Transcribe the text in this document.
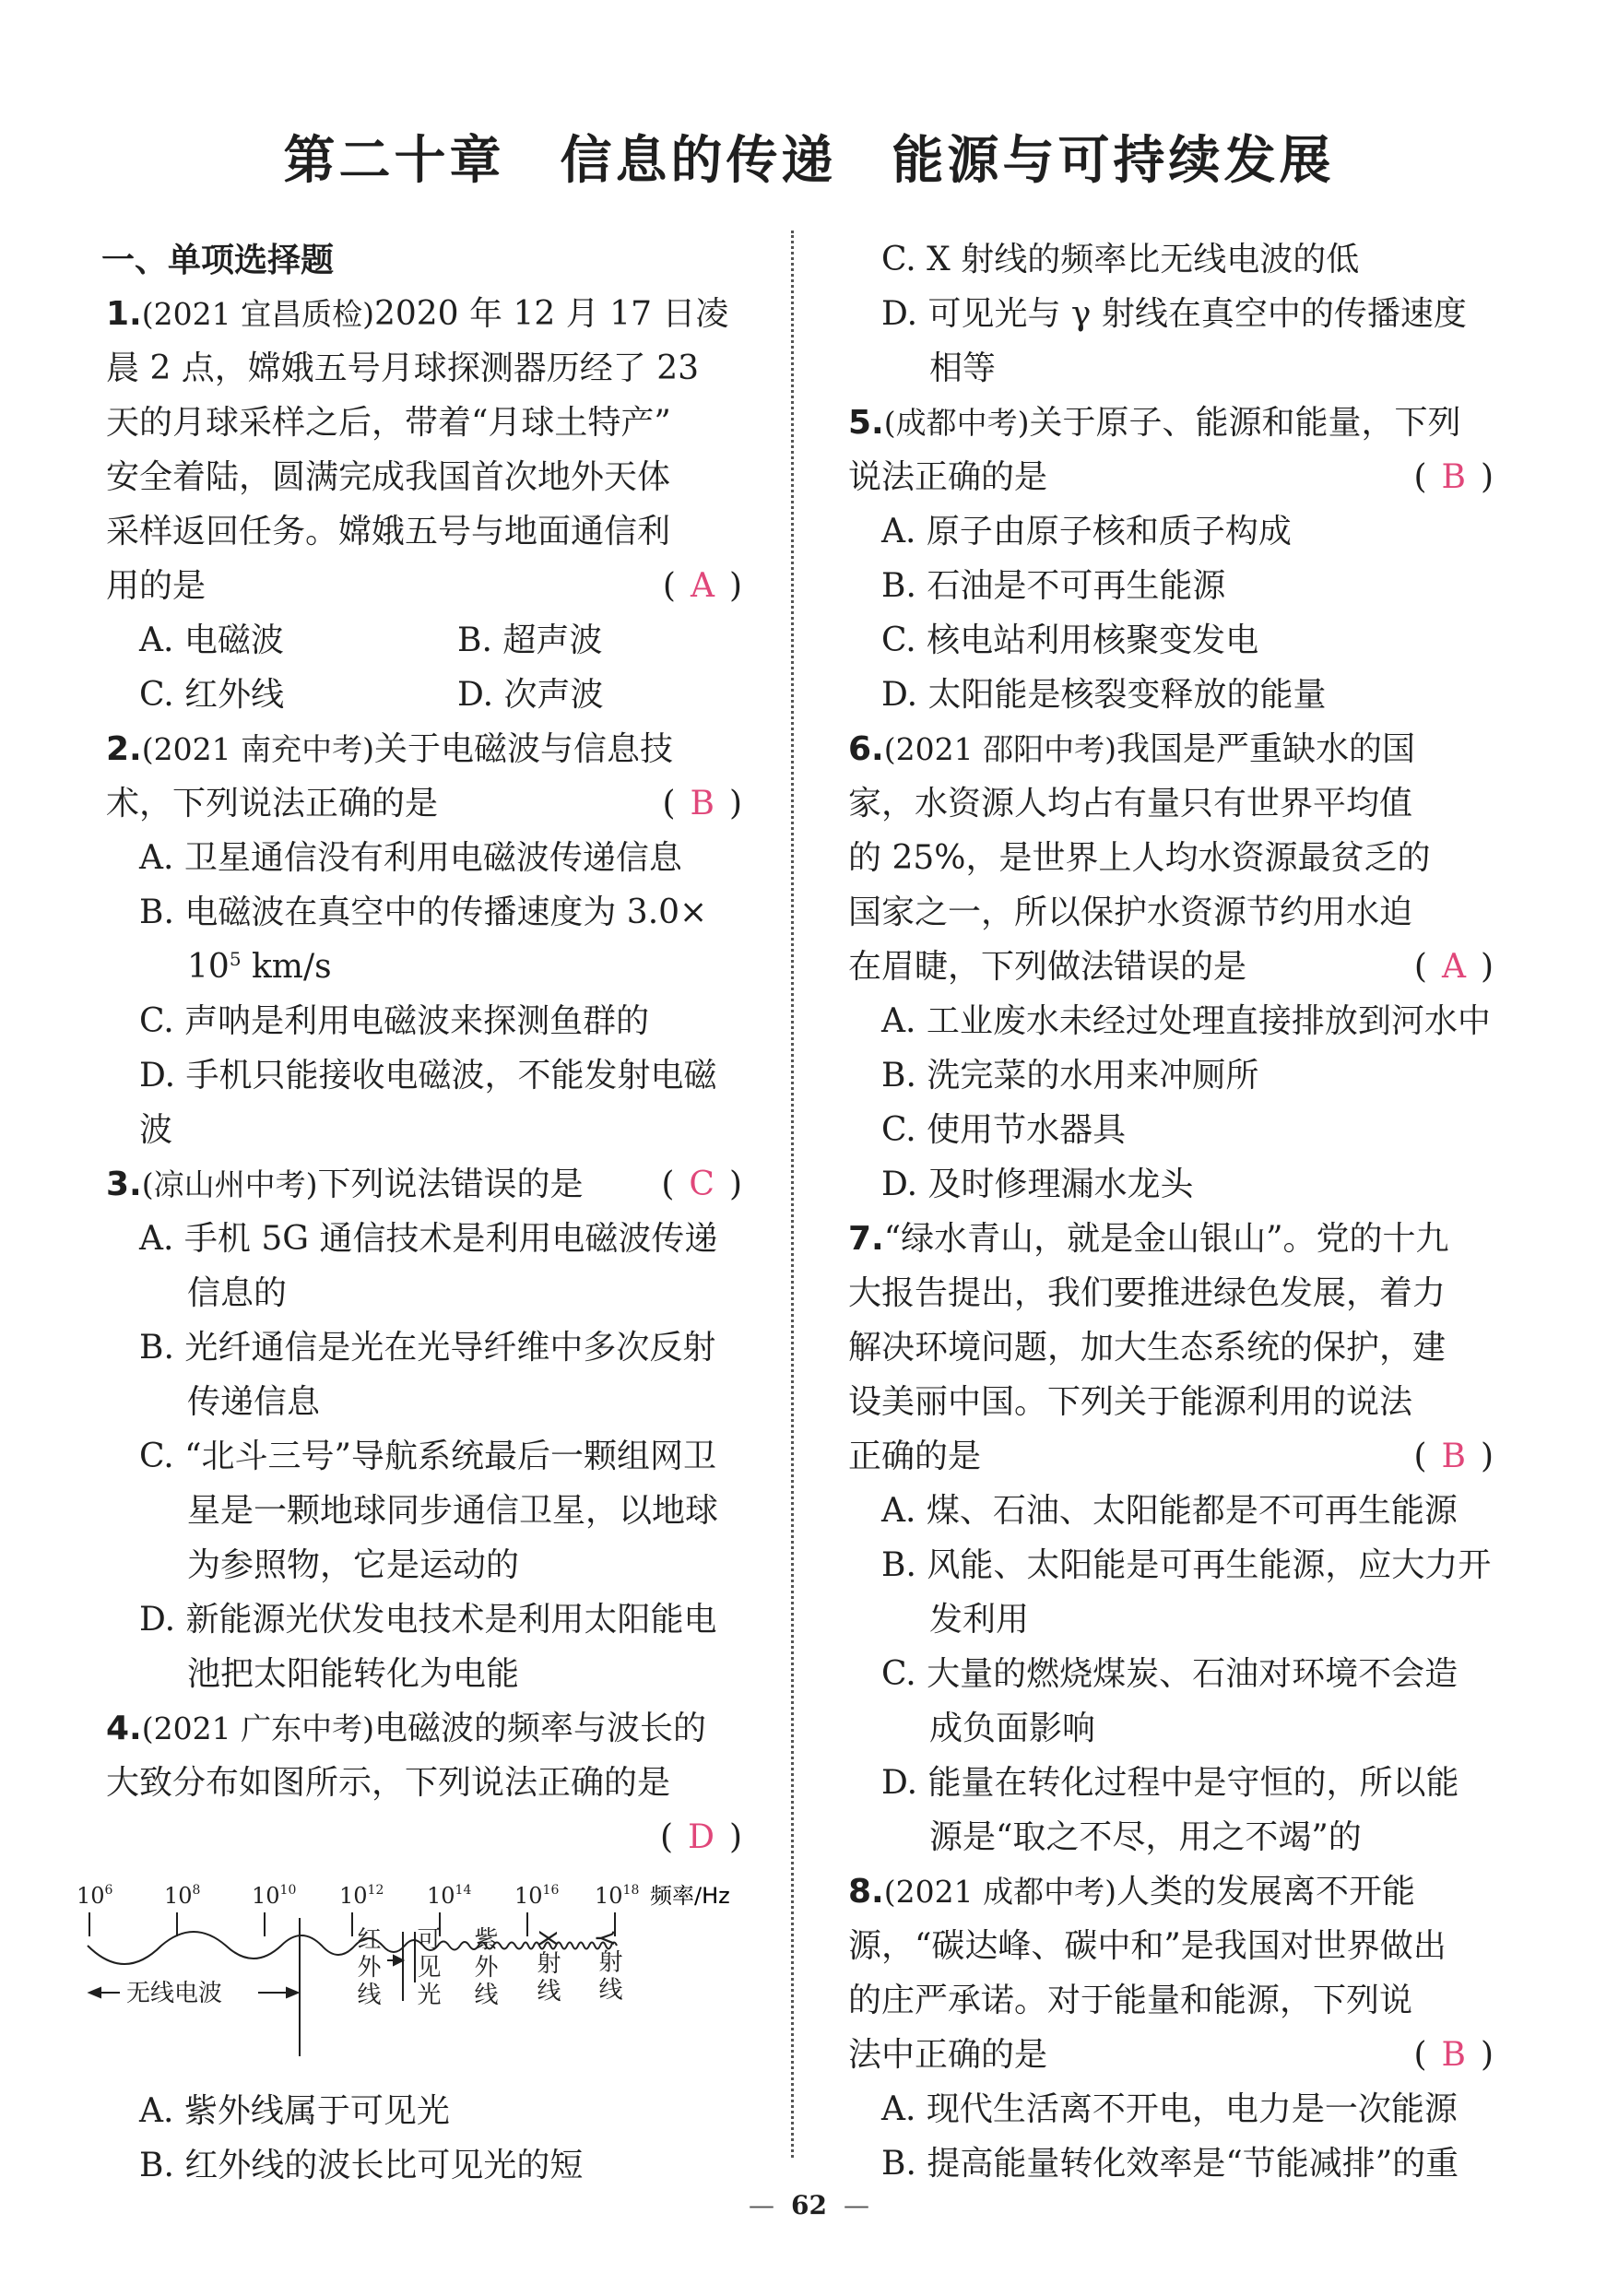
第二十章　信息的传递　能源与可持续发展
一、单项选择题
1.(2021 宜昌质检)2020 年 12 月 17 日凌
晨 2 点，嫦娥五号月球探测器历经了 23
天的月球采样之后，带着“月球土特产”
安全着陆，圆满完成我国首次地外天体
采样返回任务。嫦娥五号与地面通信利
用的是	( A )
A. 电磁波	B. 超声波
C. 红外线	D. 次声波
2.(2021 南充中考)关于电磁波与信息技
术，下列说法正确的是	( B )
A. 卫星通信没有利用电磁波传递信息
B. 电磁波在真空中的传播速度为 3.0×
$10^5$ km/s
C. 声呐是利用电磁波来探测鱼群的
D. 手机只能接收电磁波，不能发射电磁波
3.(凉山州中考)下列说法错误的是	( C )
A. 手机 5G 通信技术是利用电磁波传递
信息的
B. 光纤通信是光在光导纤维中多次反射
传递信息
C. “北斗三号”导航系统最后一颗组网卫
星是一颗地球同步通信卫星，以地球
为参照物，它是运动的
D. 新能源光伏发电技术是利用太阳能电
池把太阳能转化为电能
4.(2021 广东中考)电磁波的频率与波长的
大致分布如图所示，下列说法正确的是
( D )
$10^6$ $10^8$ $10^{10}$ $10^{12}$ $10^{14}$ $10^{16}$ $10^{18}$ 频率/Hz
无线电波	红外线 可见光 紫外线 X射线 γ射线
A. 紫外线属于可见光
B. 红外线的波长比可见光的短
C. X 射线的频率比无线电波的低
D. 可见光与 γ 射线在真空中的传播速度
相等
5.(成都中考)关于原子、能源和能量，下列
说法正确的是	( B )
A. 原子由原子核和质子构成
B. 石油是不可再生能源
C. 核电站利用核聚变发电
D. 太阳能是核裂变释放的能量
6.(2021 邵阳中考)我国是严重缺水的国
家，水资源人均占有量只有世界平均值
的 25%，是世界上人均水资源最贫乏的
国家之一，所以保护水资源节约用水迫
在眉睫，下列做法错误的是	( A )
A. 工业废水未经过处理直接排放到河水中
B. 洗完菜的水用来冲厕所
C. 使用节水器具
D. 及时修理漏水龙头
7.“绿水青山，就是金山银山”。党的十九
大报告提出，我们要推进绿色发展，着力
解决环境问题，加大生态系统的保护，建
设美丽中国。下列关于能源利用的说法
正确的是	( B )
A. 煤、石油、太阳能都是不可再生能源
B. 风能、太阳能是可再生能源，应大力开
发利用
C. 大量的燃烧煤炭、石油对环境不会造
成负面影响
D. 能量在转化过程中是守恒的，所以能
源是“取之不尽，用之不竭”的
8.(2021 成都中考)人类的发展离不开能
源，“碳达峰、碳中和”是我国对世界做出
的庄严承诺。对于能量和能源，下列说
法中正确的是	( B )
A. 现代生活离不开电，电力是一次能源
B. 提高能量转化效率是“节能减排”的重
— 62 —
